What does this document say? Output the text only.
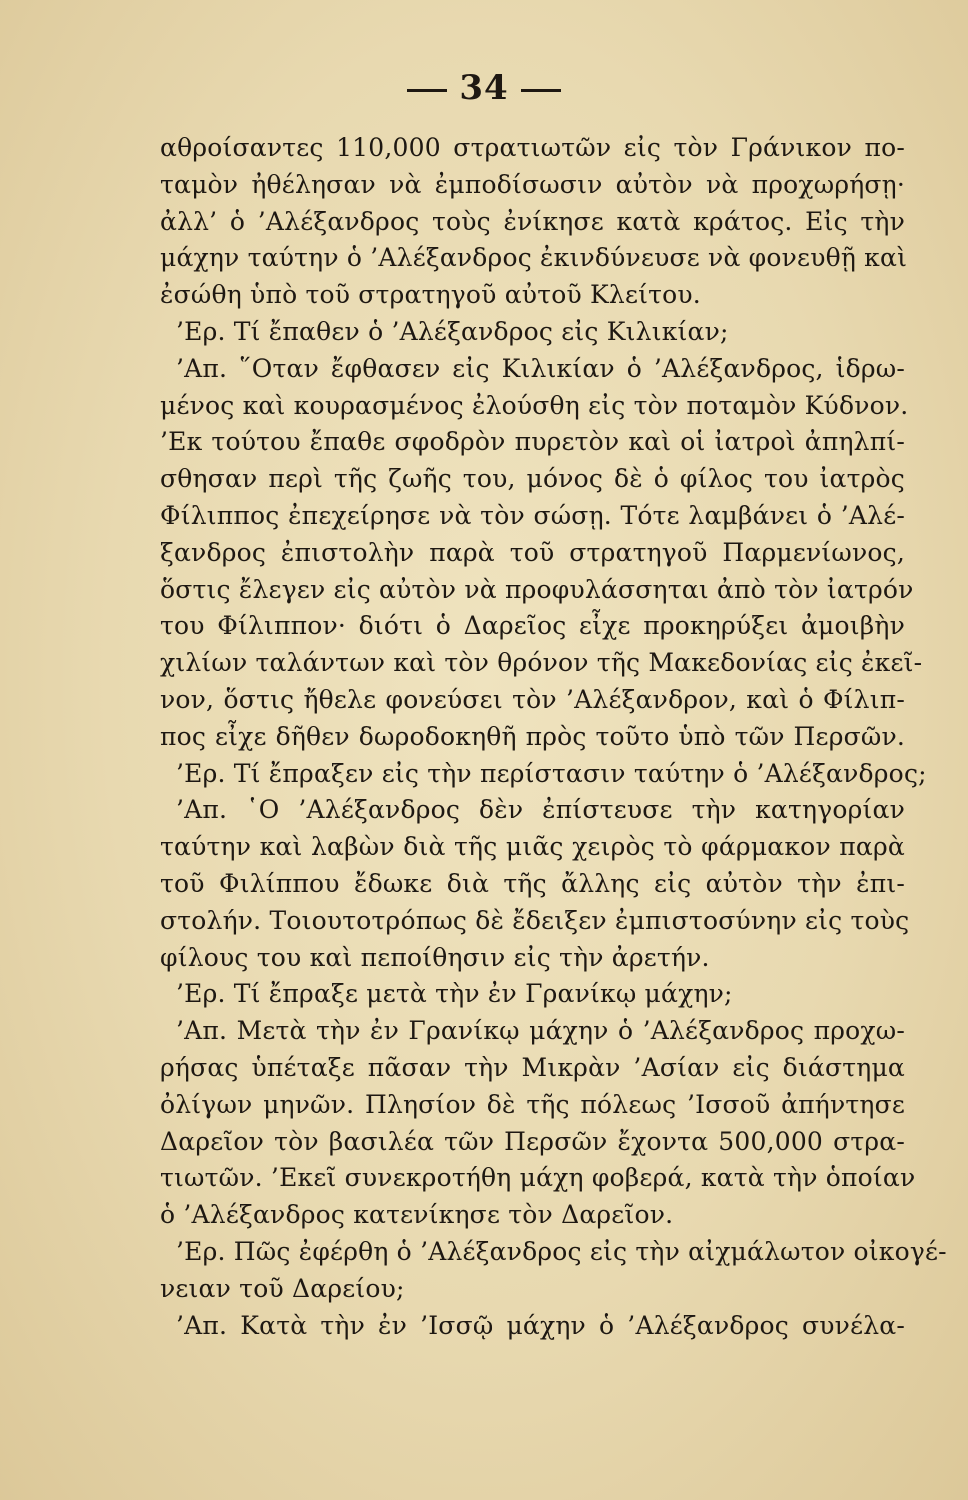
34
αθροίσαντες 110,000 στρατιωτῶν εἰς τὸν Γράνικον πο-
ταμὸν ἠθέλησαν νὰ ἐμποδίσωσιν αὐτὸν νὰ προχωρήσῃ·
ἀλλ’ ὁ ’Αλέξανδρος τοὺς ἐνίκησε κατὰ κράτος. Εἰς τὴν
μάχην ταύτην ὁ ’Αλέξανδρος ἐκινδύνευσε νὰ φονευθῇ καὶ
ἐσώθη ὑπὸ τοῦ στρατηγοῦ αὐτοῦ Κλείτου.
’Ερ. Τί ἔπαθεν ὁ ’Αλέξανδρος εἰς Κιλικίαν;
’Απ. ῞Οταν ἔφθασεν εἰς Κιλικίαν ὁ ’Αλέξανδρος, ἱδρω-
μένος καὶ κουρασμένος ἐλούσθη εἰς τὸν ποταμὸν Κύδνον.
’Εκ τούτου ἔπαθε σφοδρὸν πυρετὸν καὶ οἱ ἰατροὶ ἀπηλπί-
σθησαν περὶ τῆς ζωῆς του, μόνος δὲ ὁ φίλος του ἰατρὸς
Φίλιππος ἐπεχείρησε νὰ τὸν σώσῃ. Τότε λαμβάνει ὁ ’Αλέ-
ξανδρος ἐπιστολὴν παρὰ τοῦ στρατηγοῦ Παρμενίωνος,
ὅστις ἔλεγεν εἰς αὐτὸν νὰ προφυλάσσηται ἀπὸ τὸν ἰατρόν
του Φίλιππον· διότι ὁ Δαρεῖος εἶχε προκηρύξει ἀμοιβὴν
χιλίων ταλάντων καὶ τὸν θρόνον τῆς Μακεδονίας εἰς ἐκεῖ-
νον, ὅστις ἤθελε φονεύσει τὸν ’Αλέξανδρον, καὶ ὁ Φίλιπ-
πος εἶχε δῆθεν δωροδοκηθῆ πρὸς τοῦτο ὑπὸ τῶν Περσῶν.
’Ερ. Τί ἔπραξεν εἰς τὴν περίστασιν ταύτην ὁ ’Αλέξανδρος;
’Απ. ῾Ο ’Αλέξανδρος δὲν ἐπίστευσε τὴν κατηγορίαν
ταύτην καὶ λαβὼν διὰ τῆς μιᾶς χειρὸς τὸ φάρμακον παρὰ
τοῦ Φιλίππου ἔδωκε διὰ τῆς ἄλλης εἰς αὐτὸν τὴν ἐπι-
στολήν. Τοιουτοτρόπως δὲ ἔδειξεν ἐμπιστοσύνην εἰς τοὺς
φίλους του καὶ πεποίθησιν εἰς τὴν ἀρετήν.
’Ερ. Τί ἔπραξε μετὰ τὴν ἐν Γρανίκῳ μάχην;
’Απ. Μετὰ τὴν ἐν Γρανίκῳ μάχην ὁ ’Αλέξανδρος προχω-
ρήσας ὑπέταξε πᾶσαν τὴν Μικρὰν ’Ασίαν εἰς διάστημα
ὀλίγων μηνῶν. Πλησίον δὲ τῆς πόλεως ’Ισσοῦ ἀπήντησε
Δαρεῖον τὸν βασιλέα τῶν Περσῶν ἔχοντα 500,000 στρα-
τιωτῶν. ’Εκεῖ συνεκροτήθη μάχη φοβερά, κατὰ τὴν ὁποίαν
ὁ ’Αλέξανδρος κατενίκησε τὸν Δαρεῖον.
’Ερ. Πῶς ἐφέρθη ὁ ’Αλέξανδρος εἰς τὴν αἰχμάλωτον οἰκογέ-
νειαν τοῦ Δαρείου;
’Απ. Κατὰ τὴν ἐν ’Ισσῷ μάχην ὁ ’Αλέξανδρος συνέλα-
